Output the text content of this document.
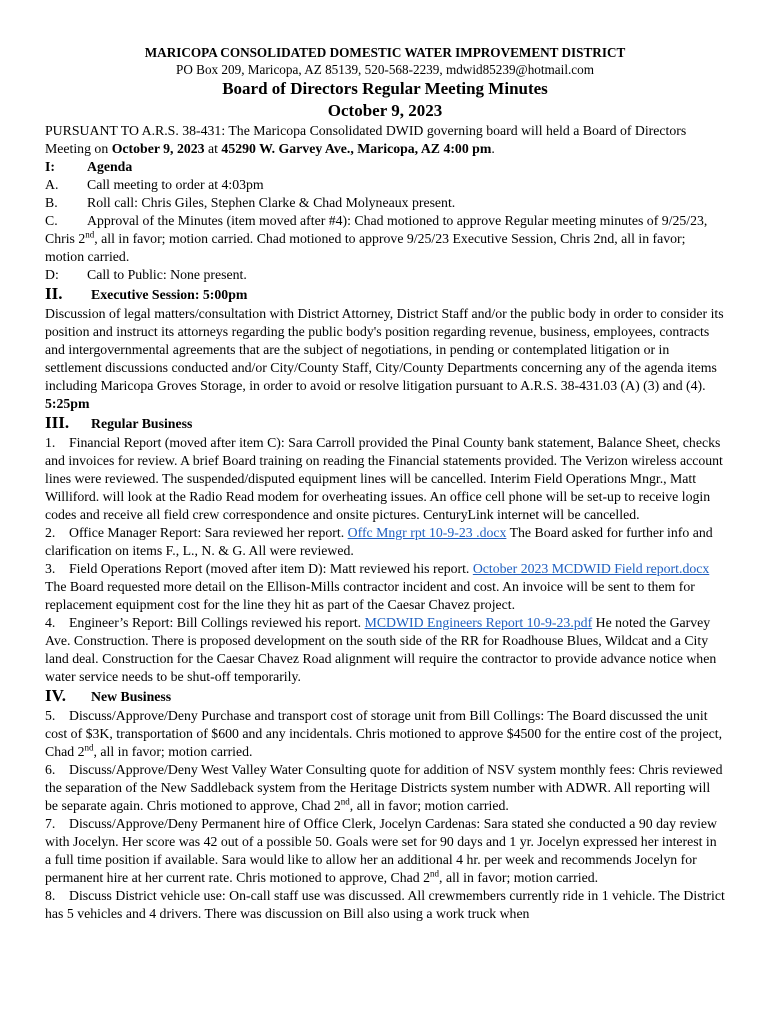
MARICOPA CONSOLIDATED DOMESTIC WATER IMPROVEMENT DISTRICT
PO Box 209, Maricopa, AZ 85139, 520-568-2239, mdwid85239@hotmail.com
Board of Directors Regular Meeting Minutes
October 9, 2023

PURSUANT TO A.R.S. 38-431: The Maricopa Consolidated DWID governing board will held a Board of Directors Meeting on October 9, 2023 at 45290 W. Garvey Ave., Maricopa, AZ 4:00 pm.

I: Agenda
A. Call meeting to order at 4:03pm
B. Roll call: Chris Giles, Stephen Clarke & Chad Molyneaux present.

C. Approval of the Minutes (item moved after #4): Chad motioned to approve Regular meeting minutes of 9/25/23, Chris 2nd, all in favor; motion carried. Chad motioned to approve 9/25/23 Executive Session, Chris 2nd, all in favor; motion carried.

D: Call to Public: None present.
II. Executive Session: 5:00pm

Discussion of legal matters/consultation with District Attorney, District Staff and/or the public body in order to consider its position and instruct its attorneys regarding the public body's position regarding revenue, business, employees, contracts and intergovernmental agreements that are the subject of negotiations, in pending or contemplated litigation or in settlement discussions conducted and/or City/County Staff, City/County Departments concerning any of the agenda items including Maricopa Groves Storage, in order to avoid or resolve litigation pursuant to A.R.S. 38-431.03 (A) (3) and (4). 5:25pm

III. Regular Business

1. Financial Report (moved after item C): Sara Carroll provided the Pinal County bank statement, Balance Sheet, checks and invoices for review. A brief Board training on reading the Financial statements provided. The Verizon wireless account lines were reviewed. The suspended/disputed equipment lines will be cancelled. Interim Field Operations Mngr., Matt Williford. will look at the Radio Read modem for overheating issues. An office cell phone will be set-up to receive login codes and receive all field crew correspondence and onsite pictures. CenturyLink internet will be cancelled.

2. Office Manager Report: Sara reviewed her report. Offc Mngr rpt 10-9-23 .docx The Board asked for further info and clarification on items F., L., N. & G. All were reviewed.

3. Field Operations Report (moved after item D): Matt reviewed his report. October 2023 MCDWID Field report.docx The Board requested more detail on the Ellison-Mills contractor incident and cost. An invoice will be sent to them for replacement equipment cost for the line they hit as part of the Caesar Chavez project.

4. Engineer’s Report: Bill Collings reviewed his report. MCDWID Engineers Report 10-9-23.pdf He noted the Garvey Ave. Construction. There is proposed development on the south side of the RR for Roadhouse Blues, Wildcat and a City land deal. Construction for the Caesar Chavez Road alignment will require the contractor to provide advance notice when water service needs to be shut-off temporarily.

IV. New Business

5. Discuss/Approve/Deny Purchase and transport cost of storage unit from Bill Collings: The Board discussed the unit cost of $3K, transportation of $600 and any incidentals. Chris motioned to approve $4500 for the entire cost of the project, Chad 2nd, all in favor; motion carried.

6. Discuss/Approve/Deny West Valley Water Consulting quote for addition of NSV system monthly fees: Chris reviewed the separation of the New Saddleback system from the Heritage Districts system number with ADWR. All reporting will be separate again. Chris motioned to approve, Chad 2nd, all in favor; motion carried.

7. Discuss/Approve/Deny Permanent hire of Office Clerk, Jocelyn Cardenas: Sara stated she conducted a 90 day review with Jocelyn. Her score was 42 out of a possible 50. Goals were set for 90 days and 1 yr. Jocelyn expressed her interest in a full time position if available. Sara would like to allow her an additional 4 hr. per week and recommends Jocelyn for permanent hire at her current rate. Chris motioned to approve, Chad 2nd, all in favor; motion carried.

8. Discuss District vehicle use: On-call staff use was discussed. All crewmembers currently ride in 1 vehicle. The District has 5 vehicles and 4 drivers. There was discussion on Bill also using a work truck when
